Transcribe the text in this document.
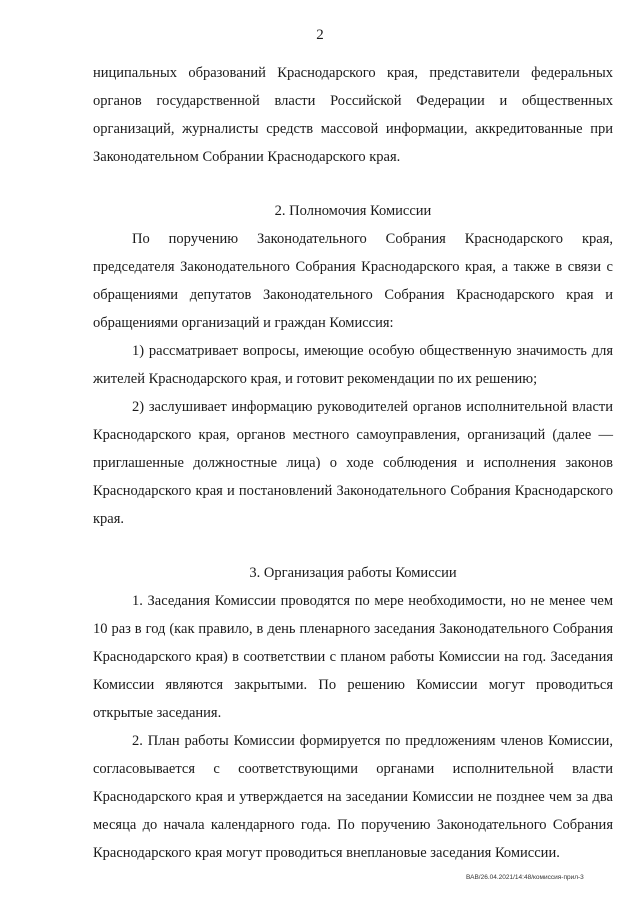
2

ниципальных образований Краснодарского края, представители федеральных органов государственной власти Российской Федерации и общественных организаций, журналисты средств массовой информации, аккредитованные при Законодательном Собрании Краснодарского края.

2. Полномочия Комиссии

По поручению Законодательного Собрания Краснодарского края, председателя Законодательного Собрания Краснодарского края, а также в связи с обращениями депутатов Законодательного Собрания Краснодарского края и обращениями организаций и граждан Комиссия:

1) рассматривает вопросы, имеющие особую общественную значимость для жителей Краснодарского края, и готовит рекомендации по их решению;

2) заслушивает информацию руководителей органов исполнительной власти Краснодарского края, органов местного самоуправления, организаций (далее — приглашенные должностные лица) о ходе соблюдения и исполнения законов Краснодарского края и постановлений Законодательного Собрания Краснодарского края.

3. Организация работы Комиссии

1. Заседания Комиссии проводятся по мере необходимости, но не менее чем 10 раз в год (как правило, в день пленарного заседания Законодательного Собрания Краснодарского края) в соответствии с планом работы Комиссии на год. Заседания Комиссии являются закрытыми. По решению Комиссии могут проводиться открытые заседания.

2. План работы Комиссии формируется по предложениям членов Комиссии, согласовывается с соответствующими органами исполнительной власти Краснодарского края и утверждается на заседании Комиссии не позднее чем за два месяца до начала календарного года. По поручению Законодательного Собрания Краснодарского края могут проводиться внеплановые заседания Комиссии.

ВАВ/26.04.2021/14:48/комиссия-прил-3
